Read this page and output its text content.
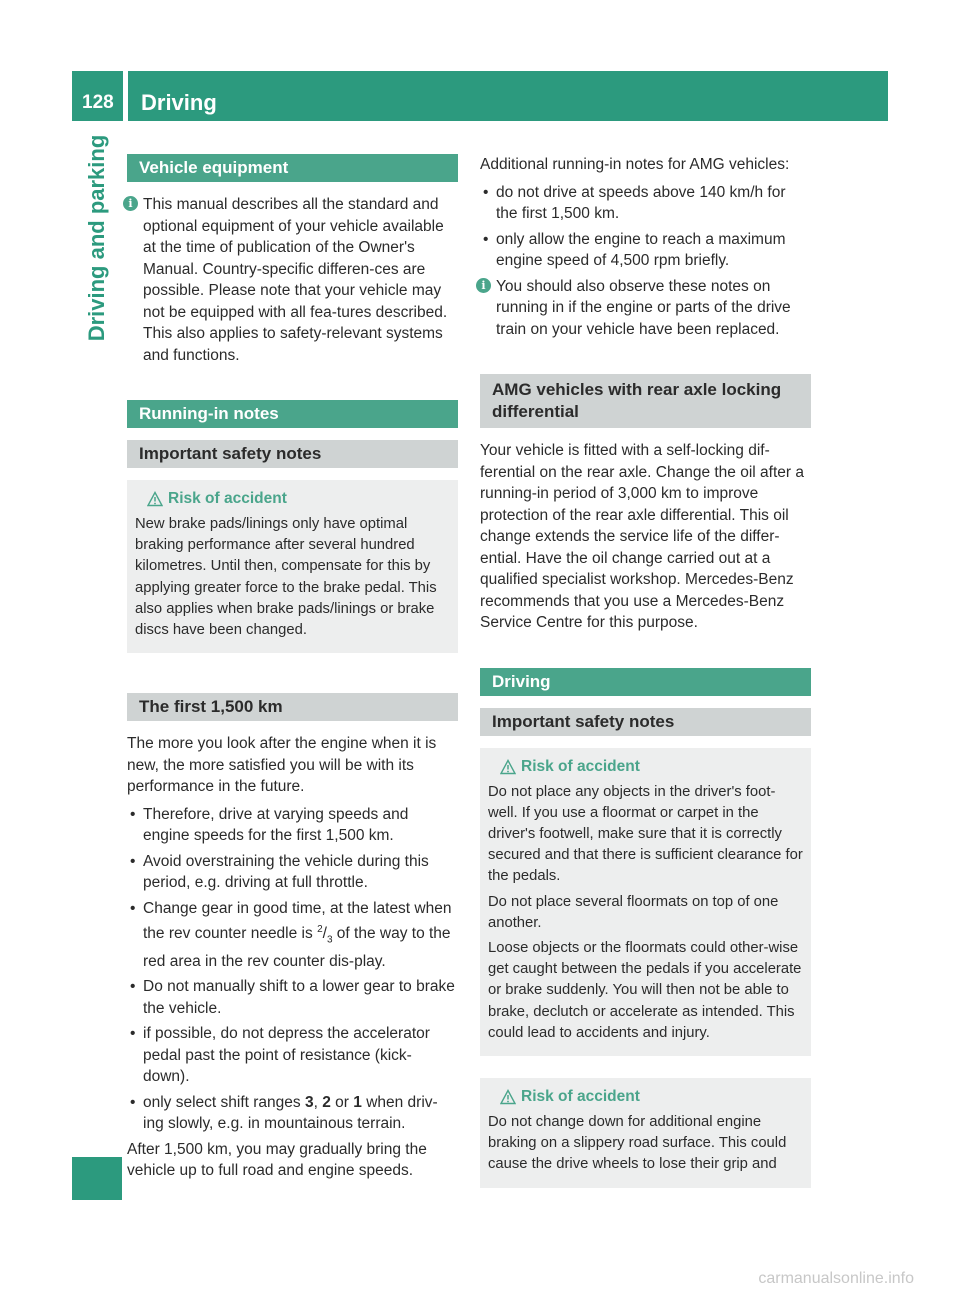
128 Driving
Driving and parking	Vehicle equipment
i This manual describes all the standard and optional equipment of your vehicle available at the time of publication of the Owner's Manual. Country-specific differen-ces are possible. Please note that your vehicle may not be equipped with all fea-tures described. This also applies to safety-relevant systems and functions.

Running-in notes
Important safety notes
Risk of accident

New brake pads/linings only have optimal braking performance after several hundred kilometres. Until then, compensate for this by applying greater force to the brake pedal. This also applies when brake pads/linings or brake discs have been changed.

The first 1,500 km

The more you look after the engine when it is new, the more satisfied you will be with its performance in the future.

• Therefore, drive at varying speeds and engine speeds for the first 1,500 km.
• Avoid overstraining the vehicle during this period, e.g. driving at full throttle.
• Change gear in good time, at the latest when the rev counter needle is $^2/_3$ of the way to the red area in the rev counter dis-play.
• Do not manually shift to a lower gear to brake the vehicle.
• if possible, do not depress the accelerator pedal past the point of resistance (kick-down).
• only select shift ranges 3, 2 or 1 when driv-ing slowly, e.g. in mountainous terrain.

After 1,500 km, you may gradually bring the vehicle up to full road and engine speeds.

Additional running-in notes for AMG vehicles:

• do not drive at speeds above 140 km/h for the first 1,500 km.
• only allow the engine to reach a maximum engine speed of 4,500 rpm briefly.
i You should also observe these notes on running in if the engine or parts of the drive train on your vehicle have been replaced.

AMG vehicles with rear axle locking differential

Your vehicle is fitted with a self-locking dif-ferential on the rear axle. Change the oil after a running-in period of 3,000 km to improve protection of the rear axle differential. This oil change extends the service life of the differ-ential. Have the oil change carried out at a qualified specialist workshop. Mercedes-Benz recommends that you use a Mercedes-Benz Service Centre for this purpose.

Driving
Important safety notes
Risk of accident

Do not place any objects in the driver's foot-well. If you use a floormat or carpet in the driver's footwell, make sure that it is correctly secured and that there is sufficient clearance for the pedals.

Do not place several floormats on top of one another.

Loose objects or the floormats could other-wise get caught between the pedals if you accelerate or brake suddenly. You will then not be able to brake, declutch or accelerate as intended. This could lead to accidents and injury.

Risk of accident

Do not change down for additional engine braking on a slippery road surface. This could cause the drive wheels to lose their grip and

carmanualsonline.info
